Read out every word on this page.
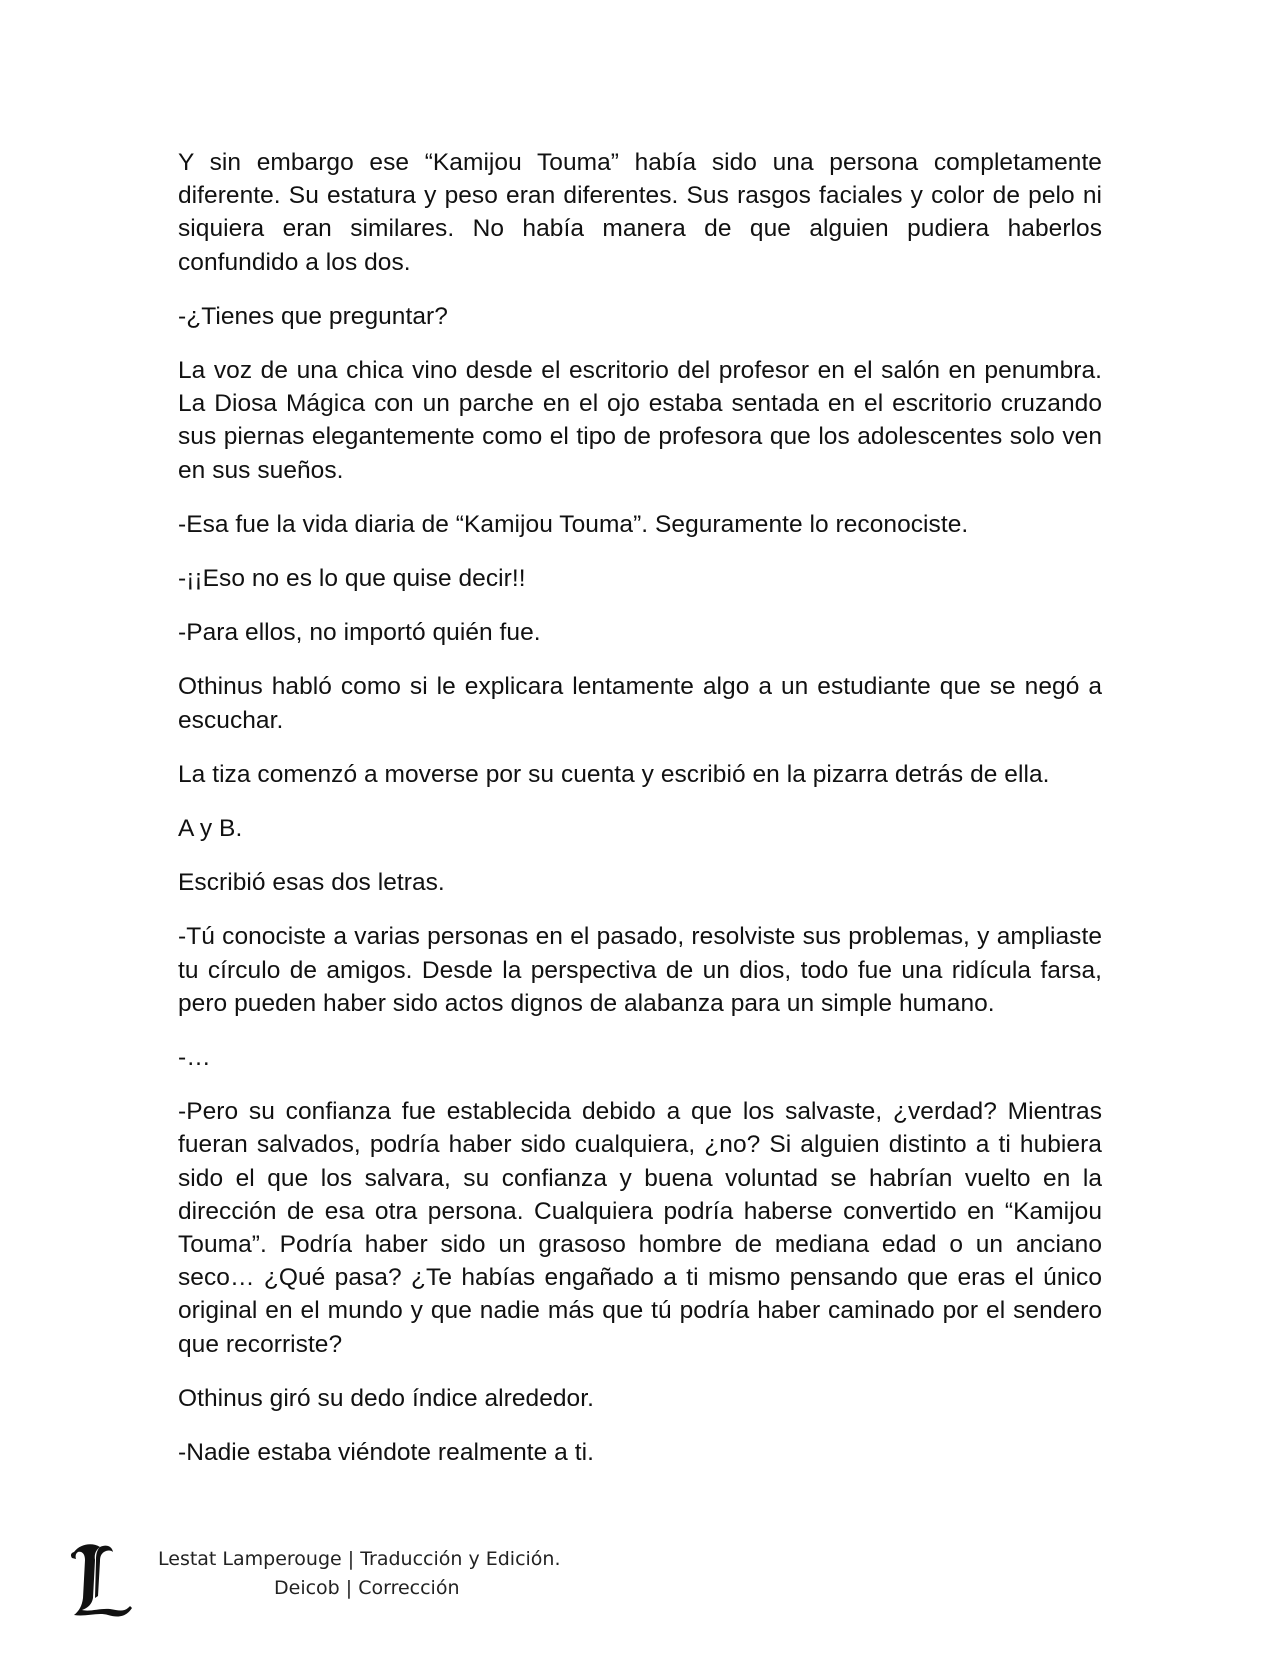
Y sin embargo ese “Kamijou Touma” había sido una persona completamente diferente. Su estatura y peso eran diferentes. Sus rasgos faciales y color de pelo ni siquiera eran similares. No había manera de que alguien pudiera haberlos confundido a los dos.

-¿Tienes que preguntar?

La voz de una chica vino desde el escritorio del profesor en el salón en penumbra. La Diosa Mágica con un parche en el ojo estaba sentada en el escritorio cruzando sus piernas elegantemente como el tipo de profesora que los adolescentes solo ven en sus sueños.

-Esa fue la vida diaria de “Kamijou Touma”. Seguramente lo reconociste.

-¡¡Eso no es lo que quise decir!!

-Para ellos, no importó quién fue.

Othinus habló como si le explicara lentamente algo a un estudiante que se negó a escuchar.

La tiza comenzó a moverse por su cuenta y escribió en la pizarra detrás de ella.

A y B.

Escribió esas dos letras.

-Tú conociste a varias personas en el pasado, resolviste sus problemas, y ampliaste tu círculo de amigos. Desde la perspectiva de un dios, todo fue una ridícula farsa, pero pueden haber sido actos dignos de alabanza para un simple humano.

-…

-Pero su confianza fue establecida debido a que los salvaste, ¿verdad? Mientras fueran salvados, podría haber sido cualquiera, ¿no? Si alguien distinto a ti hubiera sido el que los salvara, su confianza y buena voluntad se habrían vuelto en la dirección de esa otra persona. Cualquiera podría haberse convertido en “Kamijou Touma”. Podría haber sido un grasoso hombre de mediana edad o un anciano seco… ¿Qué pasa? ¿Te habías engañado a ti mismo pensando que eras el único original en el mundo y que nadie más que tú podría haber caminado por el sendero que recorriste?

Othinus giró su dedo índice alrededor.

-Nadie estaba viéndote realmente a ti.

Lestat Lamperouge | Traducción y Edición.
Deicob | Corrección
